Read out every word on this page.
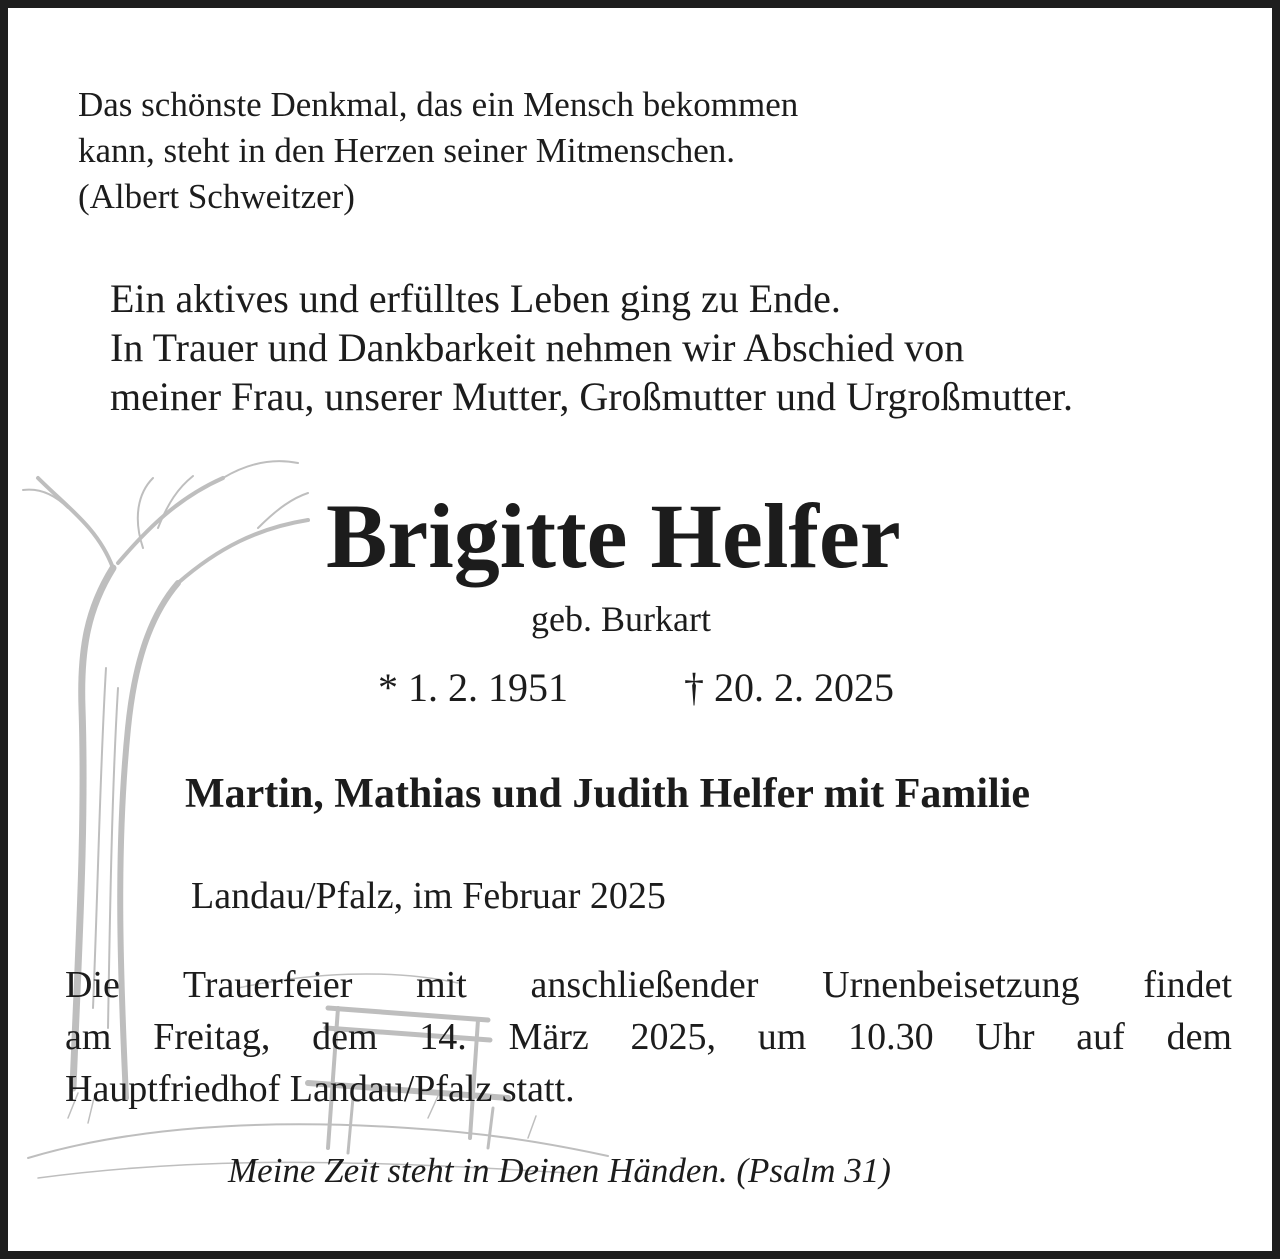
Das schönste Denkmal, das ein Mensch bekommen

kann, steht in den Herzen seiner Mitmenschen.

(Albert Schweitzer)

Ein aktives und erfülltes Leben ging zu Ende.

In Trauer und Dankbarkeit nehmen wir Abschied von

meiner Frau, unserer Mutter, Großmutter und Urgroßmutter.

Brigitte Helfer

geb. Burkart

* 1. 2. 1951	† 20. 2. 2025

Martin, Mathias und Judith Helfer mit Familie

Landau/Pfalz, im Februar 2025

Die Trauerfeier mit anschließender Urnenbeisetzung findet
am Freitag, dem 14. März 2025, um 10.30 Uhr auf dem
Hauptfriedhof Landau/Pfalz statt.

Meine Zeit steht in Deinen Händen. (Psalm 31)
